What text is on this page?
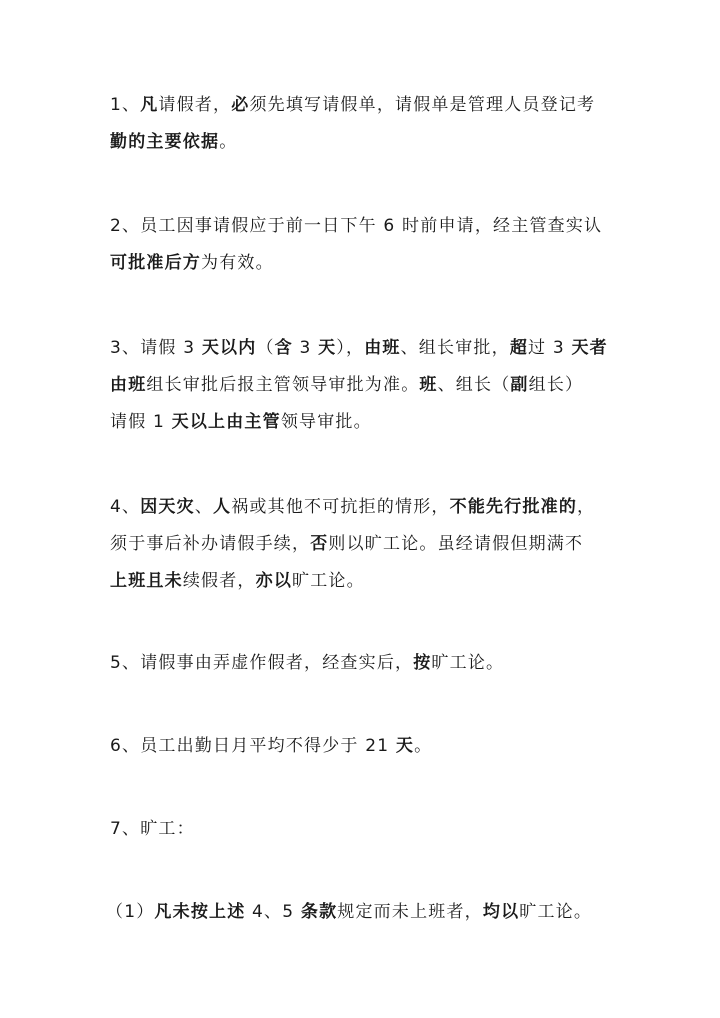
1、凡请假者，必须先填写请假单，请假单是管理人员登记考
勤的主要依据。
2、员工因事请假应于前一日下午 6 时前申请，经主管查实认
可批准后方为有效。
3、请假 3 天以内（含 3 天），由班、组长审批，超过 3 天者
由班组长审批后报主管领导审批为准。班、组长（副组长）
请假 1 天以上由主管领导审批。
4、因天灾、人祸或其他不可抗拒的情形，不能先行批准的，
须于事后补办请假手续，否则以旷工论。虽经请假但期满不
上班且未续假者，亦以旷工论。
5、请假事由弄虚作假者，经查实后，按旷工论。
6、员工出勤日月平均不得少于 21 天。
7、旷工：
（1）凡未按上述 4、5 条款规定而未上班者，均以旷工论。
